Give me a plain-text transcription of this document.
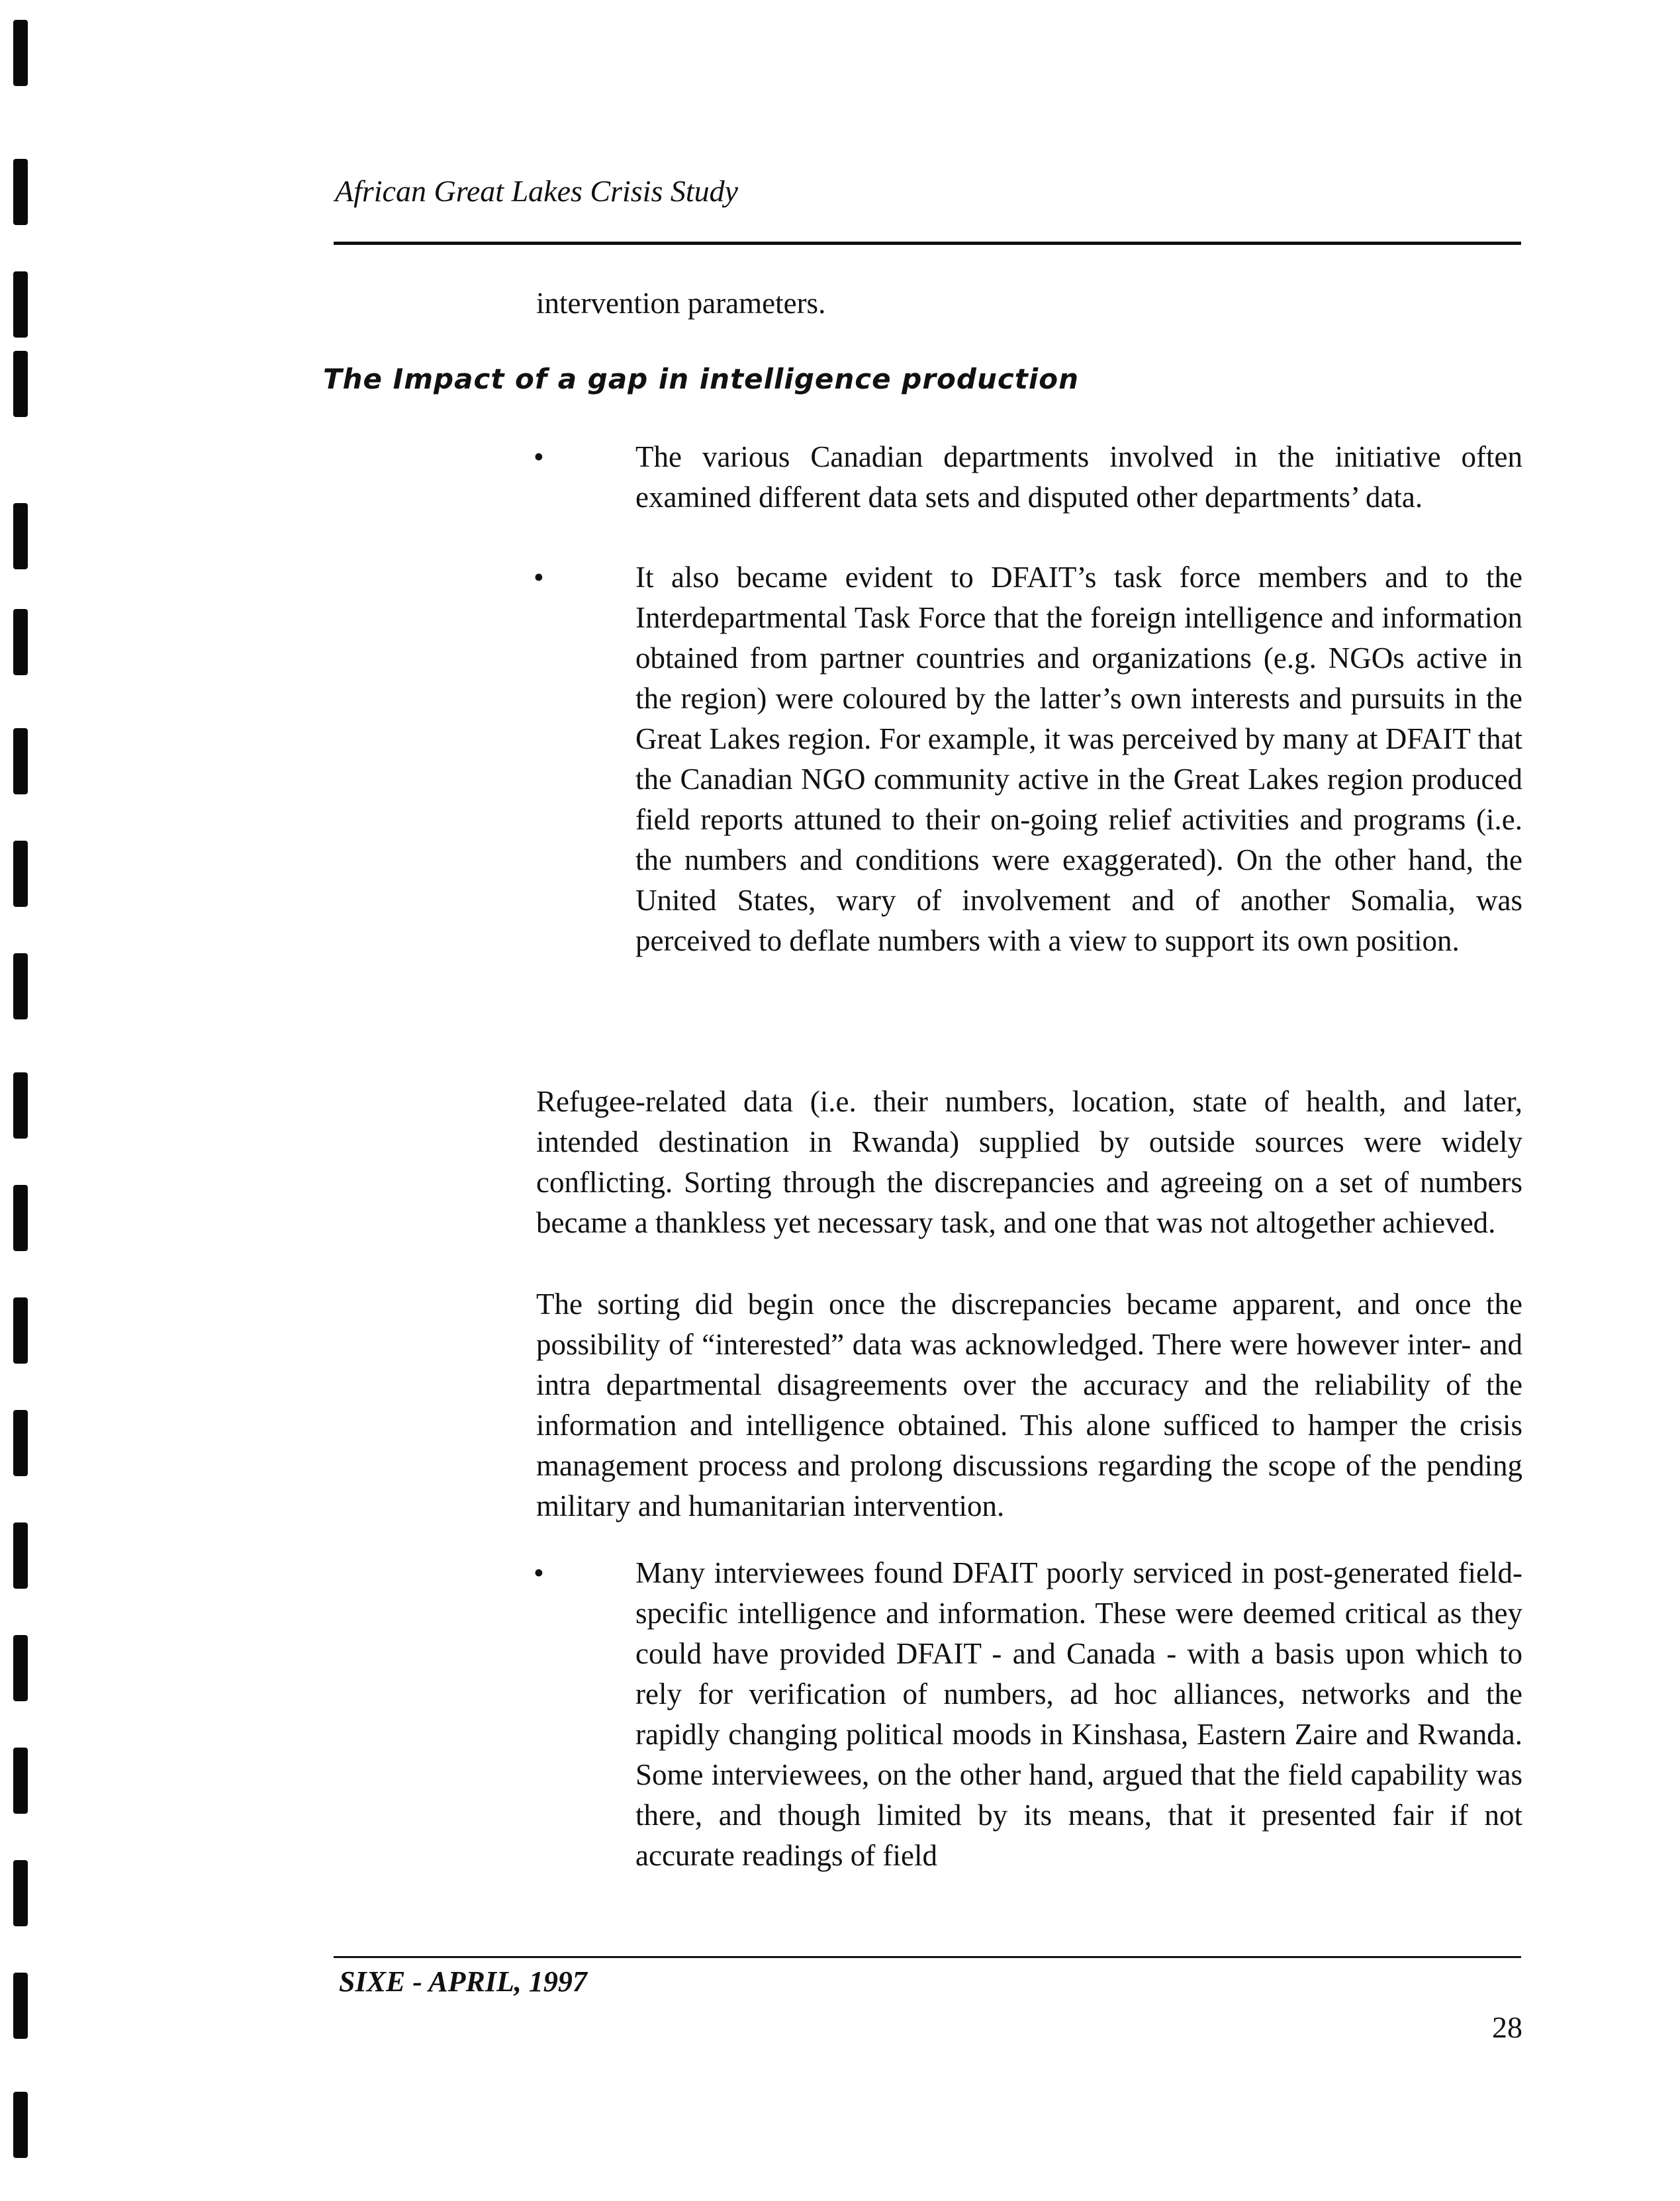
African Great Lakes Crisis Study

intervention parameters.

The Impact of a gap in intelligence production
•	The various Canadian departments involved in the initiative often examined different data sets and disputed other departments’ data.

•	It also became evident to DFAIT’s task force members and to the Interdepartmental Task Force that the foreign intelligence and information obtained from partner countries and organizations (e.g. NGOs active in the region) were coloured by the latter’s own interests and pursuits in the Great Lakes region. For example, it was perceived by many at DFAIT that the Canadian NGO community active in the Great Lakes region produced field reports attuned to their on-going relief activities and programs (i.e. the numbers and conditions were exaggerated). On the other hand, the United States, wary of involvement and of another Somalia, was perceived to deflate numbers with a view to support its own position.

Refugee-related data (i.e. their numbers, location, state of health, and later, intended destination in Rwanda) supplied by outside sources were widely conflicting. Sorting through the discrepancies and agreeing on a set of numbers became a thankless yet necessary task, and one that was not altogether achieved.

The sorting did begin once the discrepancies became apparent, and once the possibility of “interested” data was acknowledged. There were however inter- and intra departmental disagreements over the accuracy and the reliability of the information and intelligence obtained. This alone sufficed to hamper the crisis management process and prolong discussions regarding the scope of the pending military and humanitarian intervention.

•	Many interviewees found DFAIT poorly serviced in post-generated field-specific intelligence and information. These were deemed critical as they could have provided DFAIT - and Canada - with a basis upon which to rely for verification of numbers, ad hoc alliances, networks and the rapidly changing political moods in Kinshasa, Eastern Zaire and Rwanda. Some interviewees, on the other hand, argued that the field capability was there, and though limited by its means, that it presented fair if not accurate readings of field

SIXE - APRIL, 1997
28
